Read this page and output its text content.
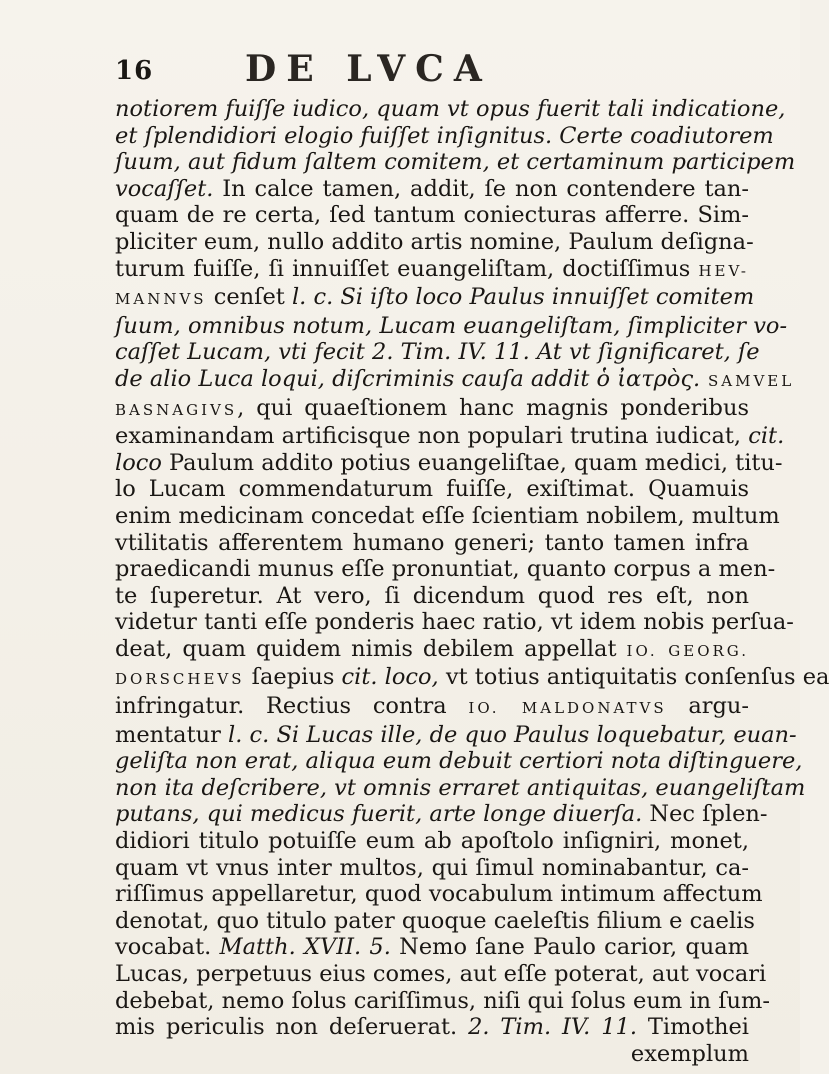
16	DE LVCA
notiorem fuiſſe iudico, quam vt opus fuerit tali indicatione,
et ſplendidiori elogio fuiſſet inſignitus. Certe coadiutorem
ſuum, aut fidum ſaltem comitem, et certaminum participem
vocaſſet. In calce tamen, addit, ſe non contendere tan-
quam de re certa, ſed tantum coniecturas afferre. Sim-
pliciter eum, nullo addito artis nomine, Paulum deſigna-
turum fuiſſe, ſi innuiſſet euangeliſtam, doctiſſimus HEV-
MANNVS cenſet l. c. Si iſto loco Paulus innuiſſet comitem
ſuum, omnibus notum, Lucam euangeliſtam, ſimpliciter vo-
caſſet Lucam, vti fecit 2. Tim. IV. 11. At vt ſignificaret, ſe
de alio Luca loqui, diſcriminis cauſa addit ὁ ἰατρὸς. SAMVEL
BASNAGIVS, qui quaeſtionem hanc magnis ponderibus
examinandam artificisque non populari trutina iudicat, cit.
loco Paulum addito potius euangeliſtae, quam medici, titu-
lo Lucam commendaturum fuiſſe, exiſtimat. Quamuis
enim medicinam concedat eſſe ſcientiam nobilem, multum
vtilitatis afferentem humano generi; tanto tamen infra
praedicandi munus eſſe pronuntiat, quanto corpus a men-
te ſuperetur. At vero, ſi dicendum quod res eſt, non
videtur tanti eſſe ponderis haec ratio, vt idem nobis perſua-
deat, quam quidem nimis debilem appellat IO. GEORG.
DORSCHEVS ſaepius cit. loco, vt totius antiquitatis conſenſus ea
infringatur. Rectius contra IO. MALDONATVS argu-
mentatur l. c. Si Lucas ille, de quo Paulus loquebatur, euan-
geliſta non erat, aliqua eum debuit certiori nota diſtinguere,
non ita deſcribere, vt omnis erraret antiquitas, euangeliſtam
putans, qui medicus fuerit, arte longe diuerſa. Nec ſplen-
didiori titulo potuiſſe eum ab apoſtolo inſigniri, monet,
quam vt vnus inter multos, qui ſimul nominabantur, ca-
riſſimus appellaretur, quod vocabulum intimum affectum
denotat, quo titulo pater quoque caeleſtis filium e caelis
vocabat. Matth. XVII. 5. Nemo ſane Paulo carior, quam
Lucas, perpetuus eius comes, aut eſſe poterat, aut vocari
debebat, nemo ſolus cariſſimus, niſi qui ſolus eum in ſum-
mis periculis non deſeruerat. 2. Tim. IV. 11. Timothei
exemplum
